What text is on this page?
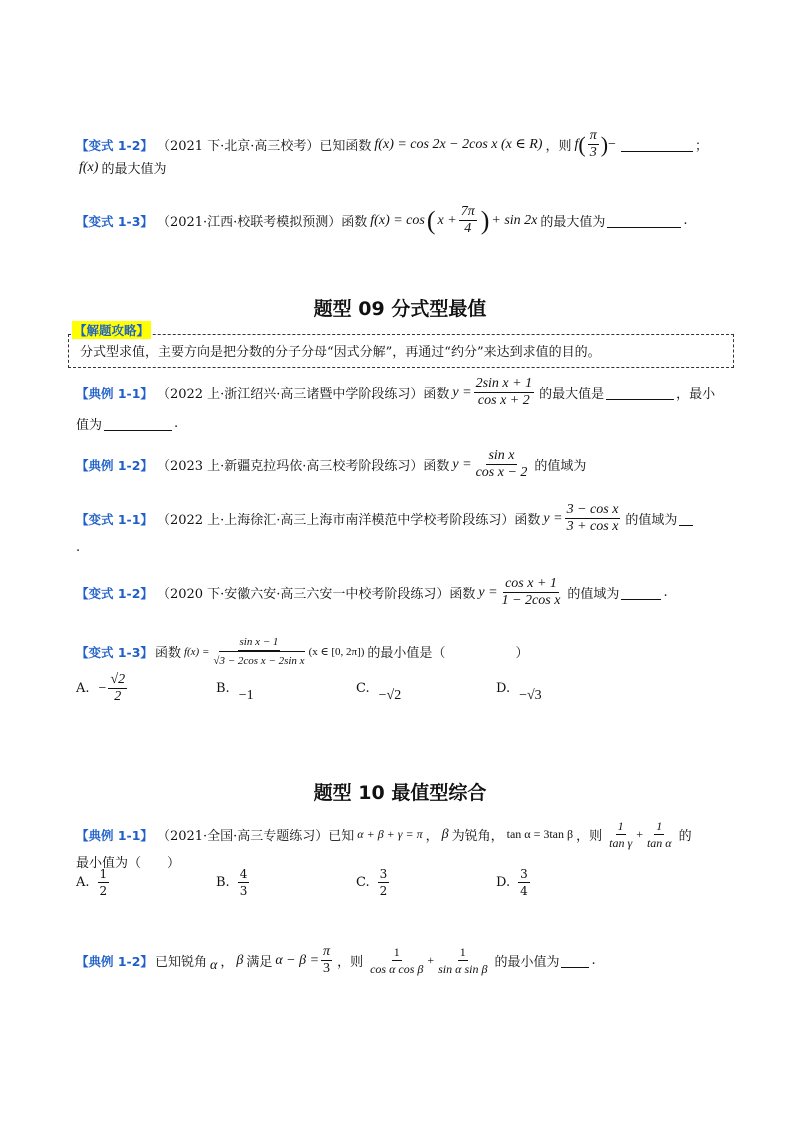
【变式 1-2】 （2021 下·北京·高三校考）已知函数 f(x) = cos 2x − 2cos x (x ∈ R) ，则 f ( $\frac{\pi}{3}$ ) −	；
f(x) 的最大值为
【变式 1-3】 （2021·江西·校联考模拟预测）函数 f(x) = cos ( $x + \frac{7\pi}{4}$ ) + sin 2x 的最大值为	.
题型 09 分式型最值
【解题攻略】
分式型求值，主要方向是把分数的分子分母“因式分解”，再通过“约分”来达到求值的目的。
【典例 1-1】 （2022 上·浙江绍兴·高三诸暨中学阶段练习）函数 $y = \frac{\text{2sin x + 1}}{\text{cos x + 2}}$ 的最大值是	，最小
值为	.
【典例 1-2】 （2023 上·新疆克拉玛依·高三校考阶段练习）函数 $y = \frac{\text{sin x}}{\text{cos x − 2}}$ 的值域为
【变式 1-1】 （2022 上·上海徐汇·高三上海市南洋模范中学校考阶段练习）函数 $y = \frac{\text{3 − cos x}}{\text{3 + cos x}}$ 的值域为
.
【变式 1-2】 （2020 下·安徽六安·高三六安一中校考阶段练习）函数 $y = \frac{\text{cos x + 1}}{\text{1 − 2cos x}}$ 的值域为	.
【变式 1-3】 函数 $f(x) = \frac{\text{sin x − 1}}{\text{√ 3 − 2cos x − 2sin x}} (x$ ∈ [0, 2π]) 的最小值是（	）
A. − $\frac{√2}{2}$	B. −1	C. −√2	D. −√3
题型 10 最值型综合
【典例 1-1】 （2021·全国·高三专题练习）已知 α + β + γ = π ， β 为锐角， tan α = 3tan β ，则 $\frac{1}{\text{tan γ}} + \frac{1}{\text{tan α}}$ 的
最小值为（　　）
A. $\frac{1}{2}$	B. $\frac{4}{3}$	C. $\frac{3}{2}$	D. $\frac{3}{4}$
【典例 1-2】 已知锐角 α ， β 满足 $\alpha - \beta = \frac{\pi}{3}$ ，则 $\frac{1}{\text{cos α cos β}} + \frac{1}{\text{sin α sin β}}$ 的最小值为 .
